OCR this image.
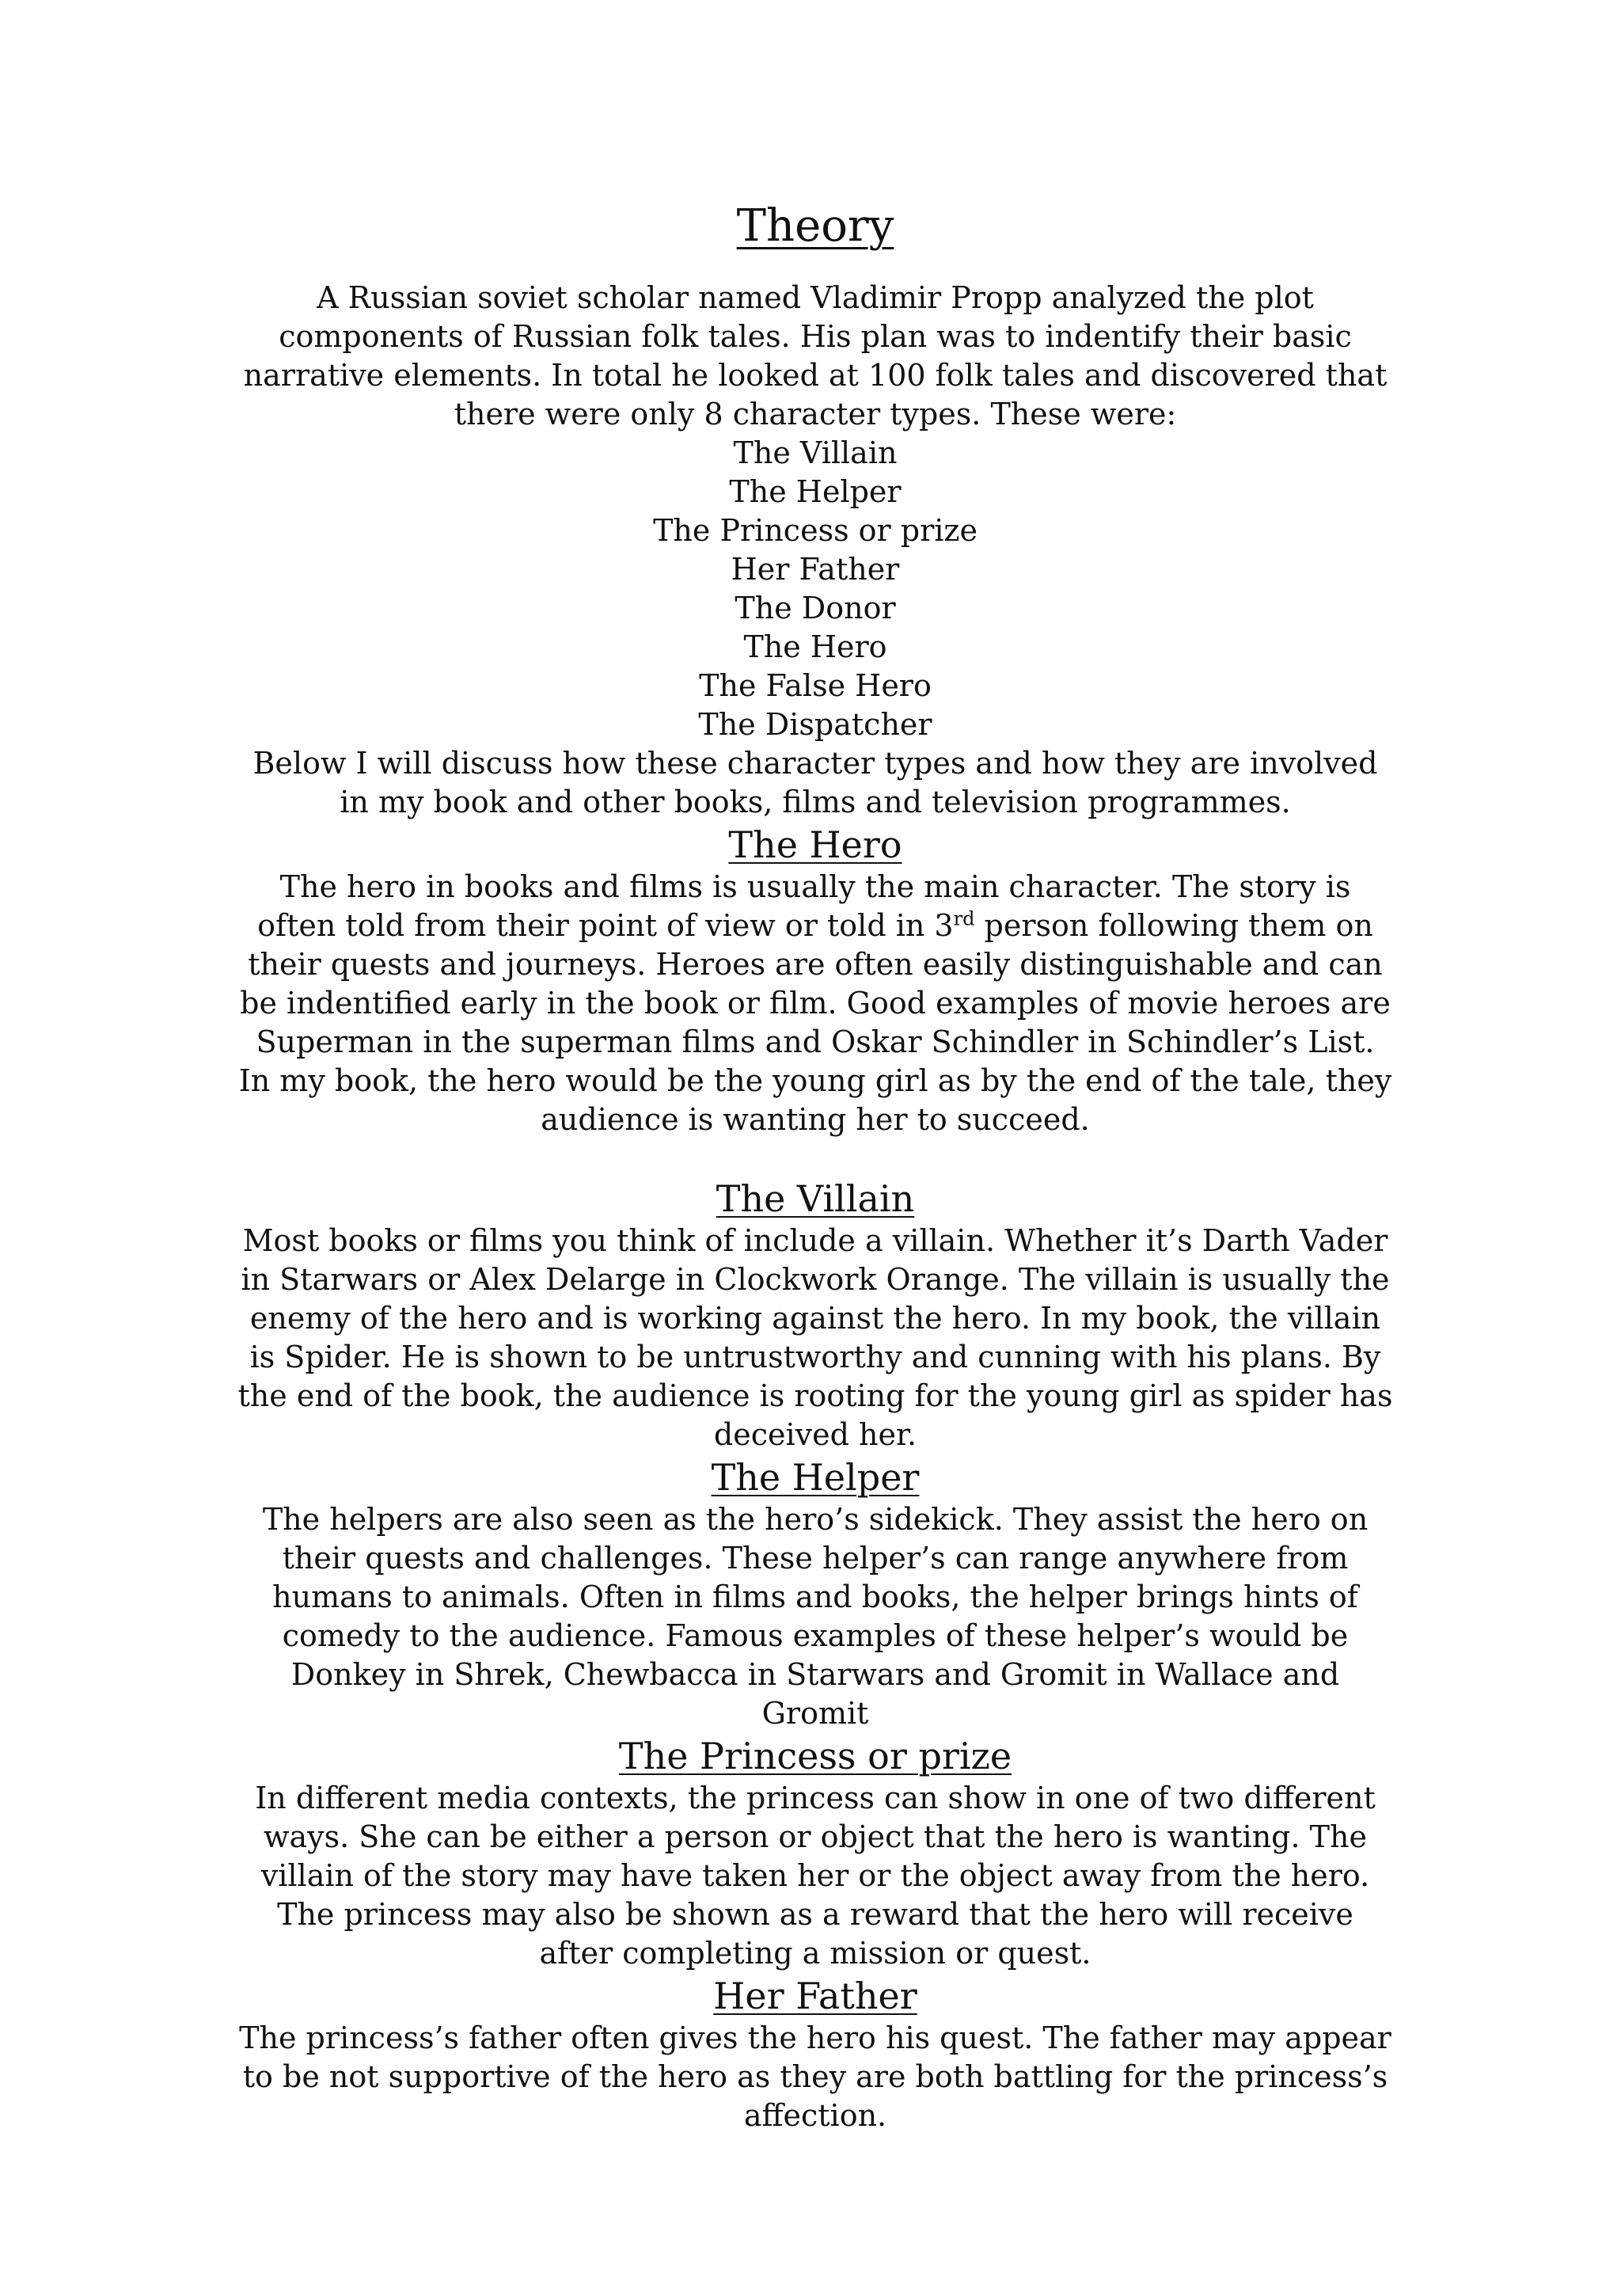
Theory

A Russian soviet scholar named Vladimir Propp analyzed the plot components of Russian folk tales. His plan was to indentify their basic narrative elements. In total he looked at 100 folk tales and discovered that there were only 8 character types. These were:

The Villain
The Helper
The Princess or prize
Her Father
The Donor
The Hero
The False Hero
The Dispatcher

Below I will discuss how these character types and how they are involved in my book and other books, films and television programmes.

The Hero

The hero in books and films is usually the main character. The story is often told from their point of view or told in 3rd person following them on their quests and journeys. Heroes are often easily distinguishable and can be indentified early in the book or film. Good examples of movie heroes are Superman in the superman films and Oskar Schindler in Schindler’s List. In my book, the hero would be the young girl as by the end of the tale, they audience is wanting her to succeed.

The Villain

Most books or films you think of include a villain. Whether it’s Darth Vader in Starwars or Alex Delarge in Clockwork Orange. The villain is usually the enemy of the hero and is working against the hero. In my book, the villain is Spider. He is shown to be untrustworthy and cunning with his plans. By the end of the book, the audience is rooting for the young girl as spider has deceived her.

The Helper

The helpers are also seen as the hero’s sidekick. They assist the hero on their quests and challenges. These helper’s can range anywhere from humans to animals. Often in films and books, the helper brings hints of comedy to the audience. Famous examples of these helper’s would be Donkey in Shrek, Chewbacca in Starwars and Gromit in Wallace and Gromit

The Princess or prize

In different media contexts, the princess can show in one of two different ways. She can be either a person or object that the hero is wanting. The villain of the story may have taken her or the object away from the hero. The princess may also be shown as a reward that the hero will receive after completing a mission or quest.

Her Father

The princess’s father often gives the hero his quest. The father may appear to be not supportive of the hero as they are both battling for the princess’s affection.
